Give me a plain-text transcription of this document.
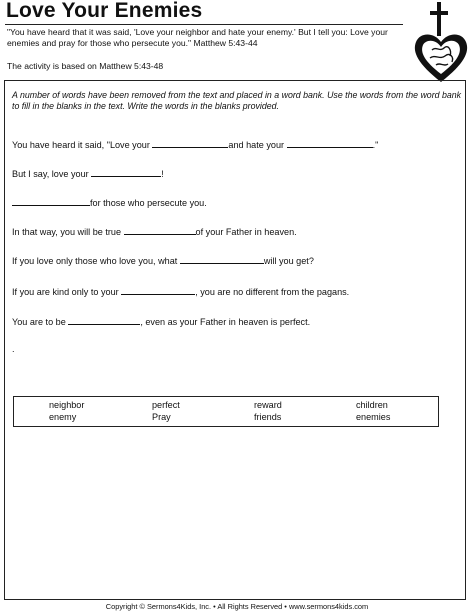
Love Your Enemies
"You have heard that it was said, 'Love your neighbor and hate your enemy.' But I tell you: Love your enemies and pray for those who persecute you." Matthew 5:43-44
The activity is based on Matthew 5:43-48
A number of words have been removed from the text and placed in a word bank. Use the words from the word bank to fill in the blanks in the text. Write the words in the blanks provided.
You have heard it said, "Love your	and hate your	."
But I say, love your	!
for those who persecute you.
In that way, you will be true	of your Father in heaven.
If you love only those who love you, what	will you get?
If you are kind only to your	, you are no different from the pagans.
You are to be	, even as your Father in heaven is perfect.
.
neighbor	perfect	reward	children
enemy	Pray	friends	enemies
Copyright © Sermons4Kids, Inc. • All Rights Reserved • www.sermons4kids.com
